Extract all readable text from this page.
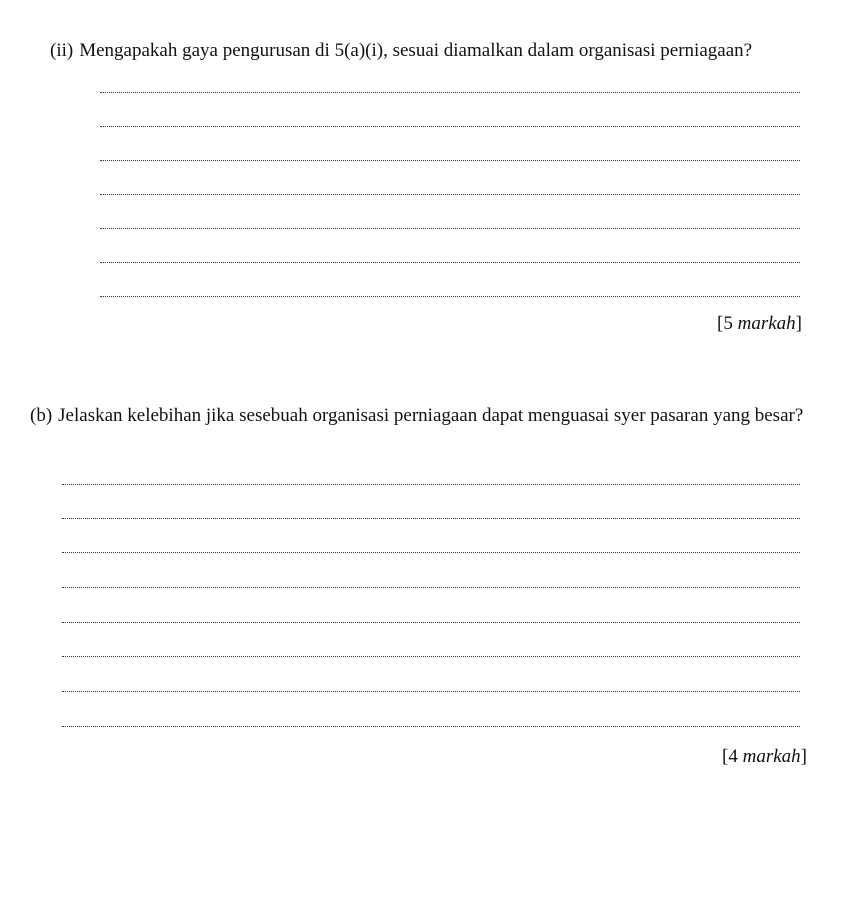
(ii) Mengapakah gaya pengurusan di 5(a)(i), sesuai diamalkan dalam organisasi perniagaan?
[5 markah]
(b) Jelaskan kelebihan jika sesebuah organisasi perniagaan dapat menguasai syer pasaran yang besar?
[4 markah]
